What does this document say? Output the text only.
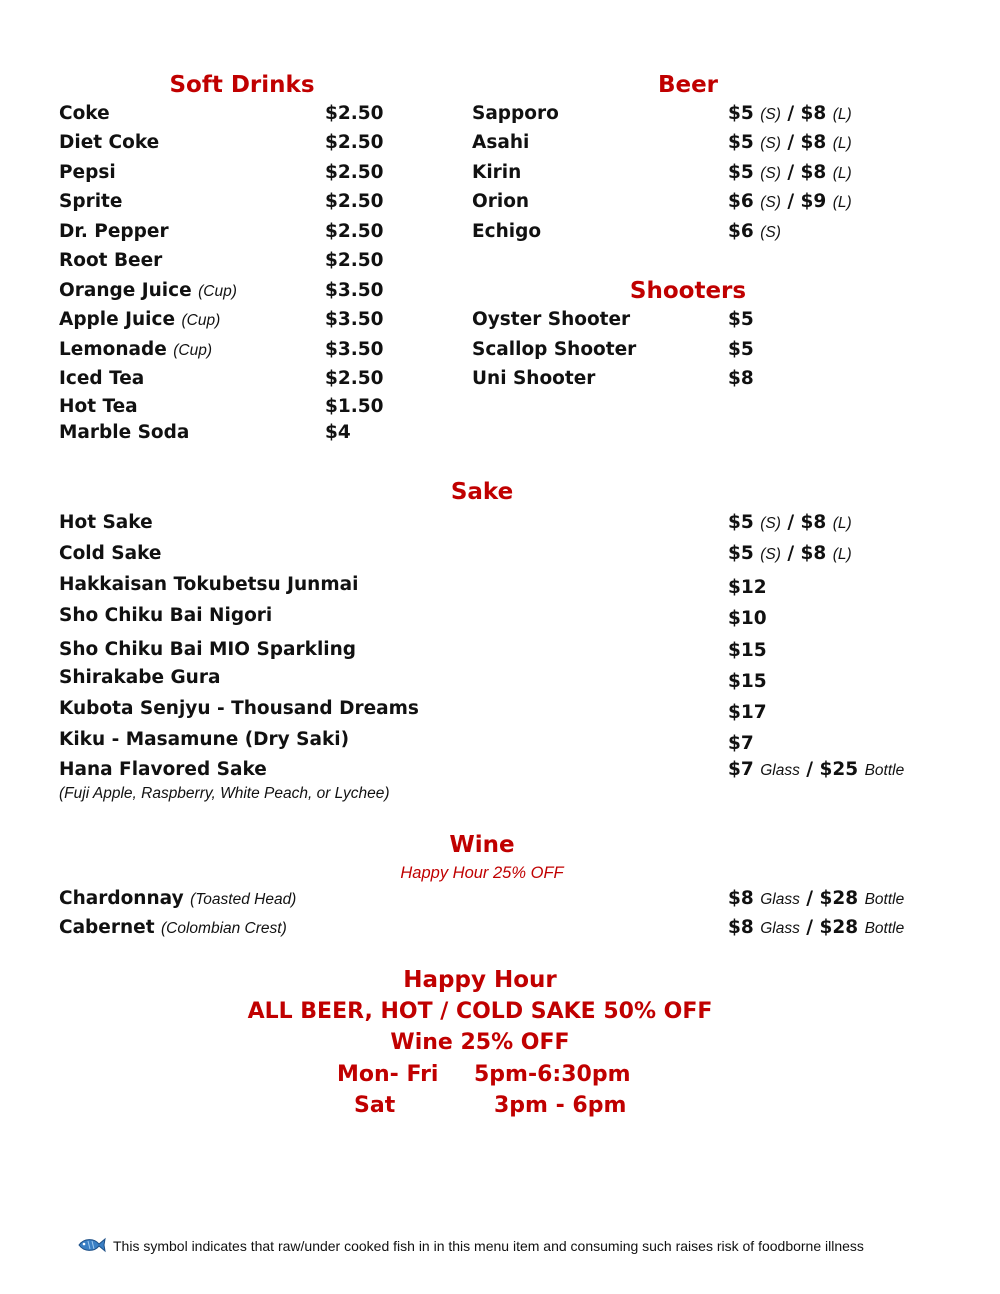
Soft Drinks	Beer
Shooters
Sake
Wine
Happy Hour 25% OFF
Coke	$2.50
Diet Coke	$2.50
Pepsi	$2.50
Sprite	$2.50
Dr. Pepper	$2.50
Root Beer	$2.50
Orange Juice (Cup)	$3.50
Apple Juice (Cup)	$3.50
Lemonade (Cup)	$3.50
Iced Tea	$2.50
Hot Tea	$1.50
Marble Soda	$4
Sapporo	$5 (S) / $8 (L)
Asahi	$5 (S) / $8 (L)
Kirin	$5 (S) / $8 (L)
Orion	$6 (S) / $9 (L)
Echigo	$6 (S)
Oyster Shooter	$5
Scallop Shooter	$5
Uni Shooter	$8
Hot Sake	$5 (S) / $8 (L)
Cold Sake	$5 (S) / $8 (L)
Hakkaisan Tokubetsu Junmai	$12
Sho Chiku Bai Nigori	$10
Sho Chiku Bai MIO Sparkling	$15
Shirakabe Gura	$15
Kubota Senjyu - Thousand Dreams	$17
Kiku - Masamune (Dry Saki)	$7
Hana Flavored Sake	$7 Glass / $25 Bottle
(Fuji Apple, Raspberry, White Peach, or Lychee)
Chardonnay (Toasted Head)	$8 Glass / $28 Bottle
Cabernet (Colombian Crest)	$8 Glass / $28 Bottle
Happy Hour
ALL BEER, HOT / COLD SAKE 50% OFF
Wine 25% OFF
Mon- Fri 5pm-6:30pm
Sat	3pm - 6pm
This symbol indicates that raw/under cooked fish in in this menu item and consuming such raises risk of foodborne illness
